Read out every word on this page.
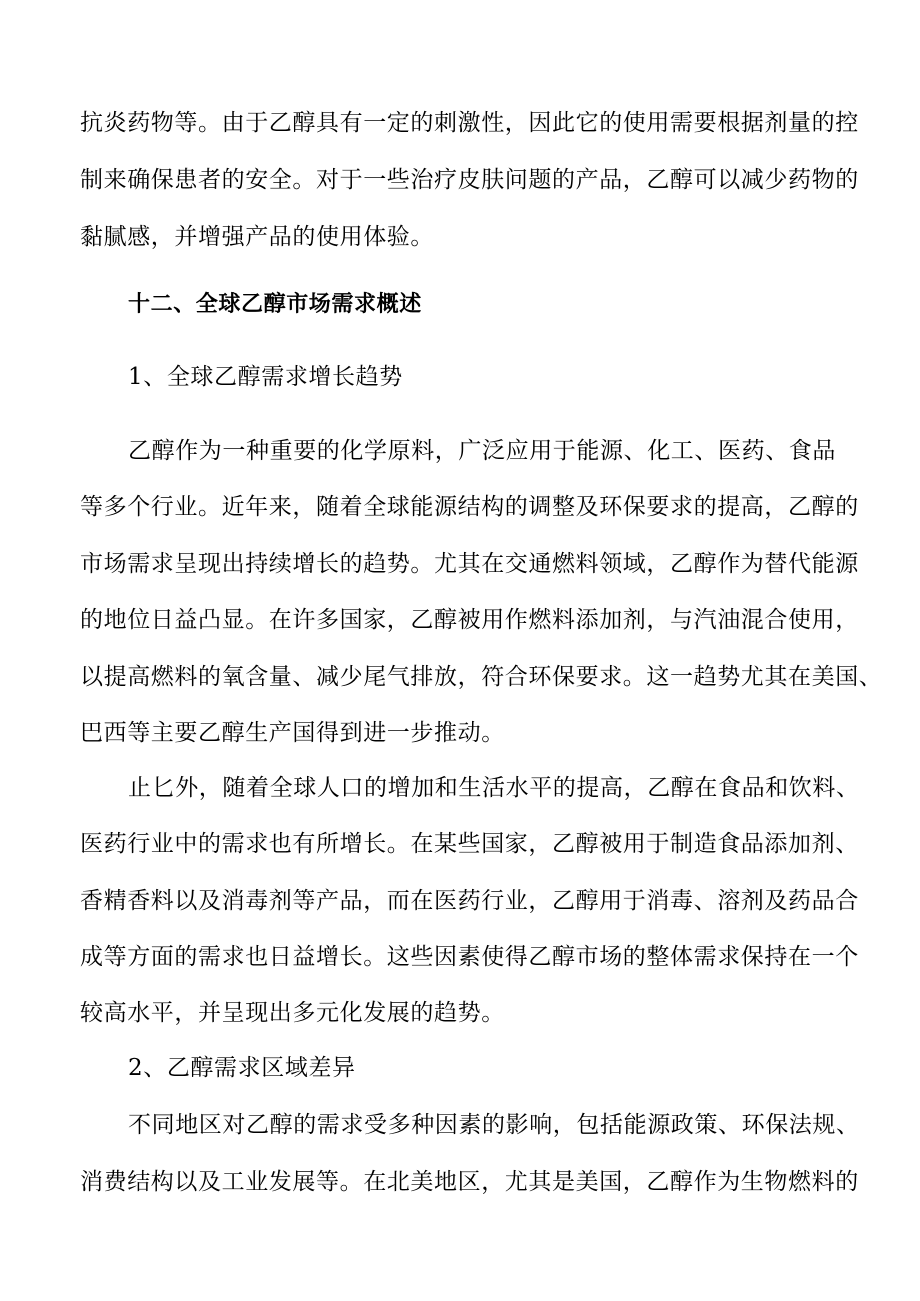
抗炎药物等。由于乙醇具有一定的刺激性，因此它的使用需要根据剂量的控

制来确保患者的安全。对于一些治疗皮肤问题的产品，乙醇可以减少药物的

黏腻感，并增强产品的使用体验。

十二、全球乙醇市场需求概述

1、全球乙醇需求增长趋势

乙醇作为一种重要的化学原料，广泛应用于能源、化工、医药、食品

等多个行业。近年来，随着全球能源结构的调整及环保要求的提高，乙醇的

市场需求呈现出持续增长的趋势。尤其在交通燃料领域，乙醇作为替代能源

的地位日益凸显。在许多国家，乙醇被用作燃料添加剂，与汽油混合使用，

以提高燃料的氧含量、减少尾气排放，符合环保要求。这一趋势尤其在美国、

巴西等主要乙醇生产国得到进一步推动。

止匕外，随着全球人口的增加和生活水平的提高，乙醇在食品和饮料、

医药行业中的需求也有所增长。在某些国家，乙醇被用于制造食品添加剂、

香精香料以及消毒剂等产品，而在医药行业，乙醇用于消毒、溶剂及药品合

成等方面的需求也日益增长。这些因素使得乙醇市场的整体需求保持在一个

较高水平，并呈现出多元化发展的趋势。

2、乙醇需求区域差异

不同地区对乙醇的需求受多种因素的影响，包括能源政策、环保法规、

消费结构以及工业发展等。在北美地区，尤其是美国，乙醇作为生物燃料的
